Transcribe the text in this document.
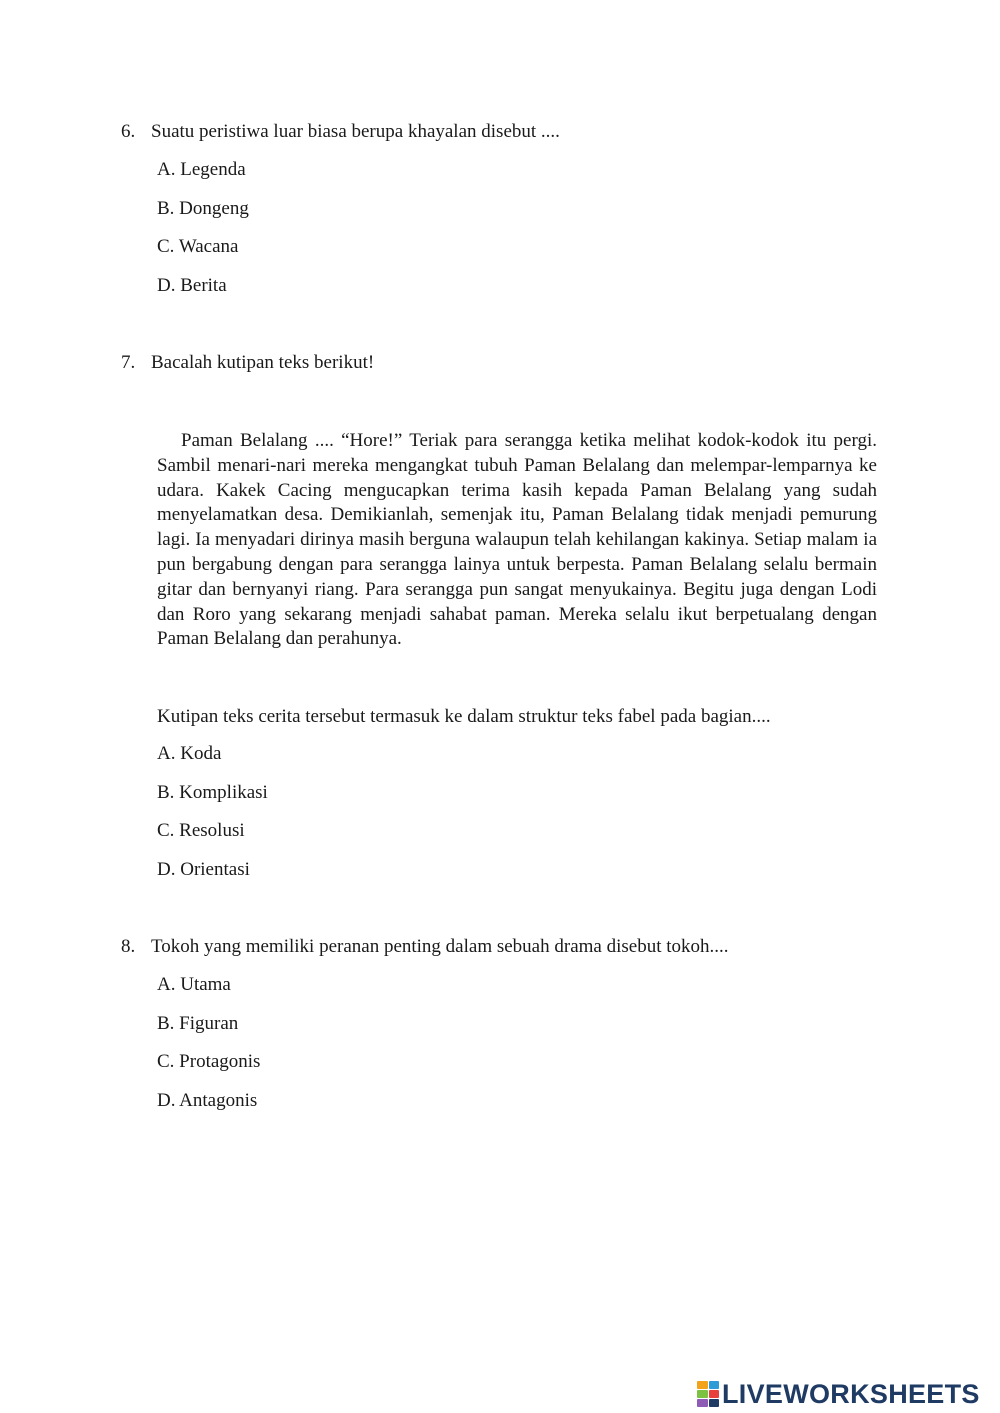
6. Suatu peristiwa luar biasa berupa khayalan disebut ....
A. Legenda
B. Dongeng
C. Wacana
D. Berita
7. Bacalah kutipan teks berikut!
Paman Belalang .... “Hore!” Teriak para serangga ketika melihat kodok-kodok itu pergi. Sambil menari-nari mereka mengangkat tubuh Paman Belalang dan melempar-lemparnya ke udara. Kakek Cacing mengucapkan terima kasih kepada Paman Belalang yang sudah menyelamatkan desa. Demikianlah, semenjak itu, Paman Belalang tidak menjadi pemurung lagi. Ia menyadari dirinya masih berguna walaupun telah kehilangan kakinya. Setiap malam ia pun bergabung dengan para serangga lainya untuk berpesta. Paman Belalang selalu bermain gitar dan bernyanyi riang. Para serangga pun sangat menyukainya. Begitu juga dengan Lodi dan Roro yang sekarang menjadi sahabat paman. Mereka selalu ikut berpetualang dengan Paman Belalang dan perahunya.
Kutipan teks cerita tersebut termasuk ke dalam struktur teks fabel pada bagian....
A. Koda
B. Komplikasi
C. Resolusi
D. Orientasi
8. Tokoh yang memiliki peranan penting dalam sebuah drama disebut tokoh....
A. Utama
B. Figuran
C. Protagonis
D. Antagonis
LIVEWORKSHEETS
